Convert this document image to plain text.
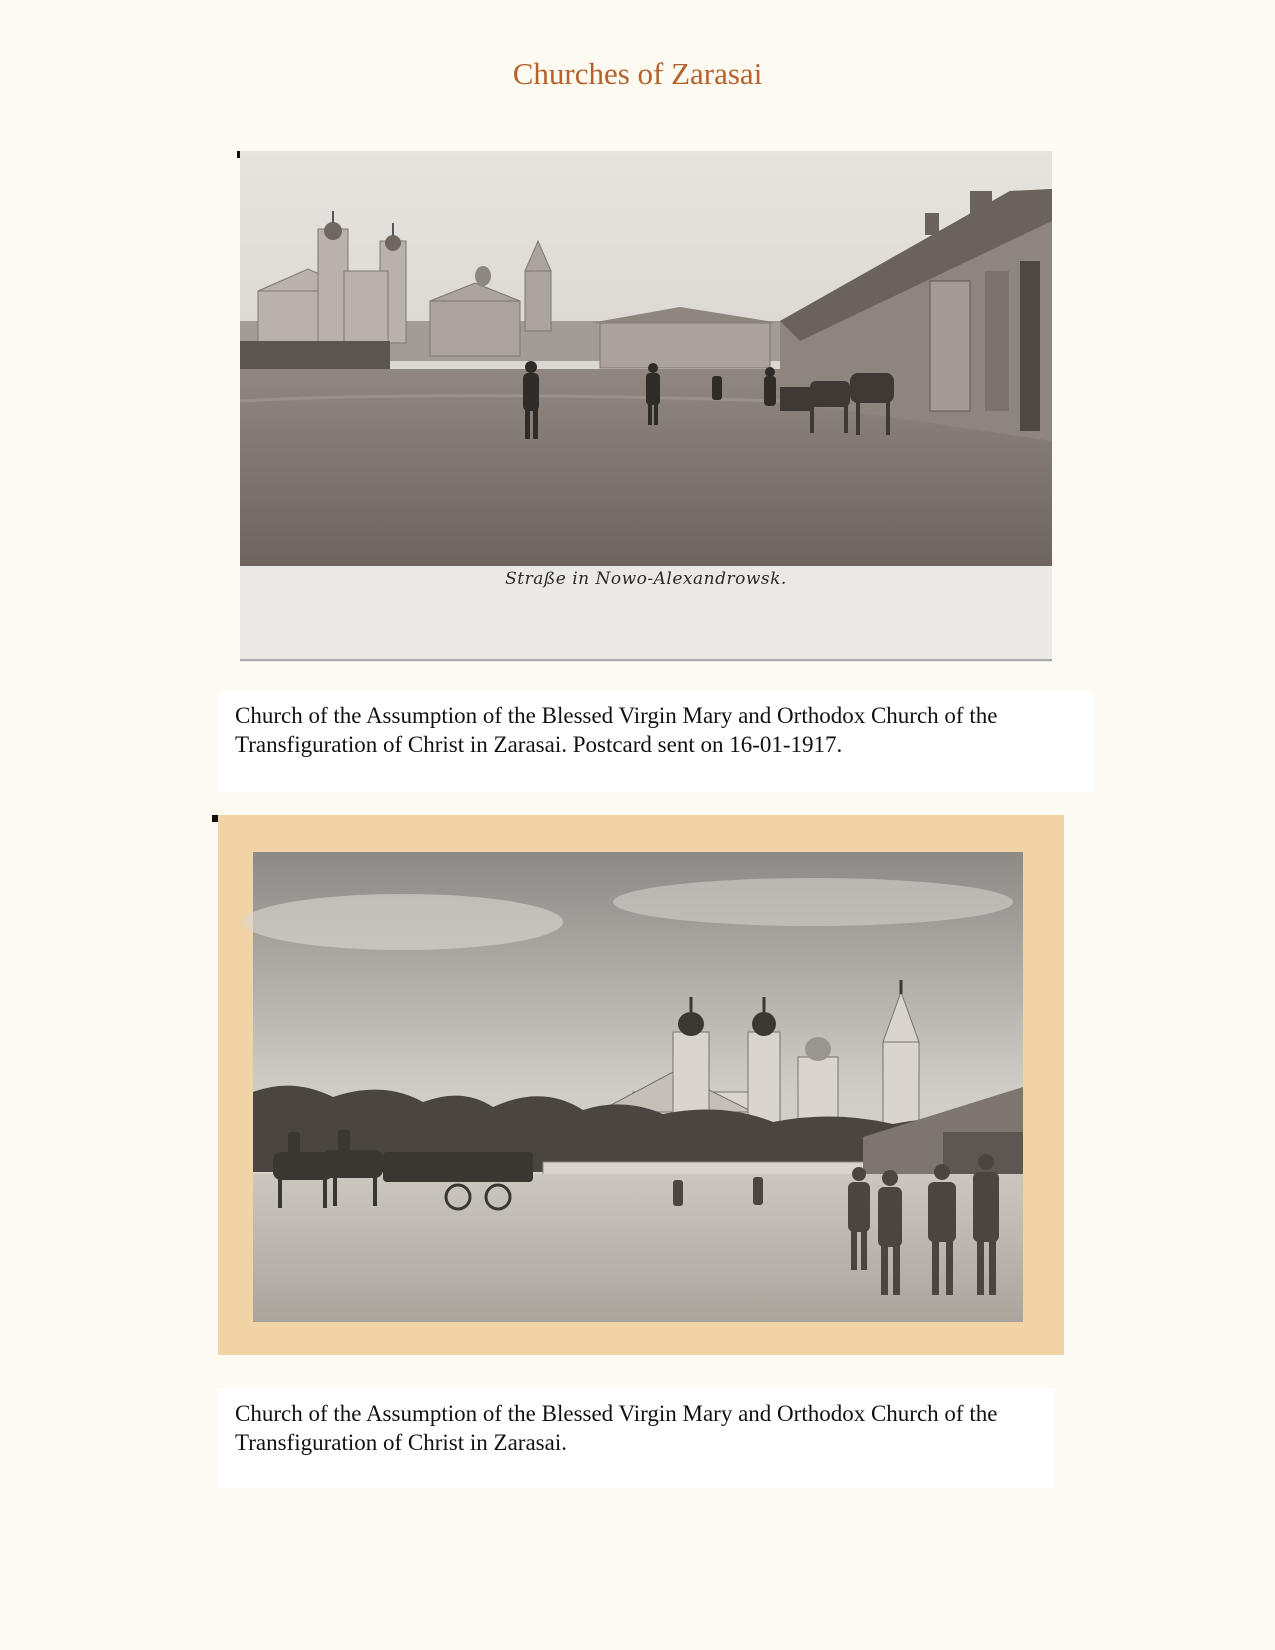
Churches of Zarasai
Straße in Nowo-Alexandrowsk.

Church of the Assumption of the Blessed Virgin Mary and Orthodox Church of the Transfiguration of Christ in Zarasai. Postcard sent on 16-01-1917.

Church of the Assumption of the Blessed Virgin Mary and Orthodox Church of the Transfiguration of Christ in Zarasai.
